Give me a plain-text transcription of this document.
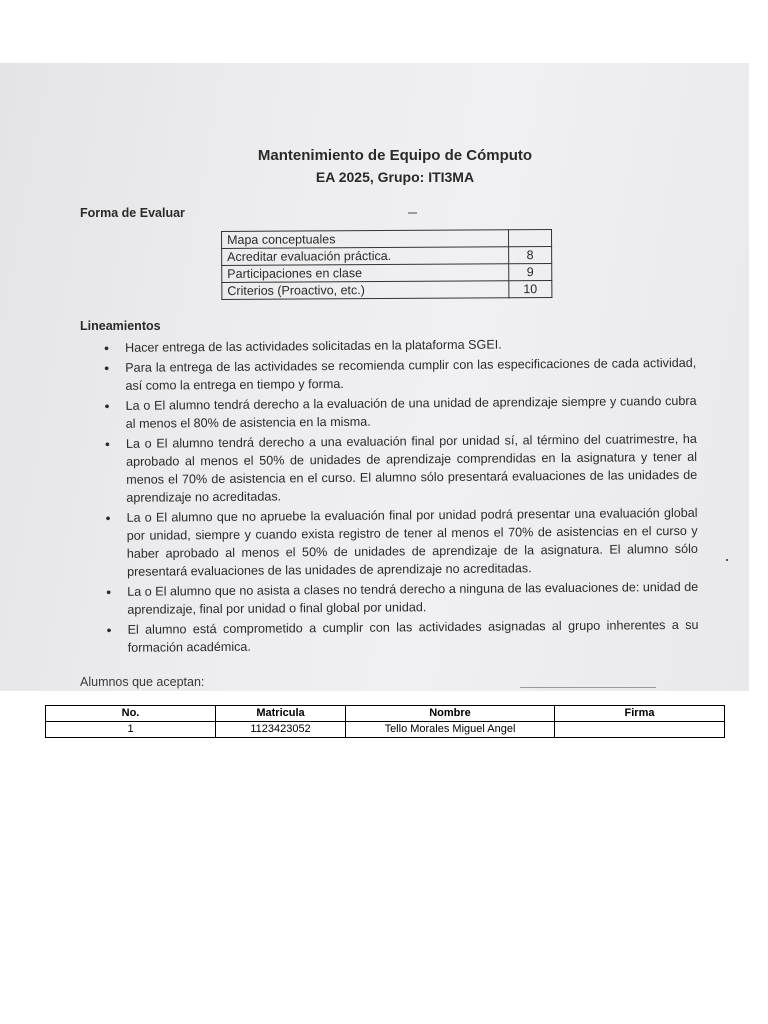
Mantenimiento de Equipo de Cómputo
EA 2025, Grupo: ITI3MA
Forma de Evaluar
Mapa conceptuales	
Acreditar evaluación práctica.	8
Participaciones en clase	9
Criterios (Proactivo, etc.)	10
Lineamientos
• Hacer entrega de las actividades solicitadas en la plataforma SGEI.
• Para la entrega de las actividades se recomienda cumplir con las especificaciones de cada actividad, así como la entrega en tiempo y forma.
• La o El alumno tendrá derecho a la evaluación de una unidad de aprendizaje siempre y cuando cubra al menos el 80% de asistencia en la misma.
• La o El alumno tendrá derecho a una evaluación final por unidad sí, al término del cuatrimestre, ha aprobado al menos el 50% de unidades de aprendizaje comprendidas en la asignatura y tener al menos el 70% de asistencia en el curso. El alumno sólo presentará evaluaciones de las unidades de aprendizaje no acreditadas.
• La o El alumno que no apruebe la evaluación final por unidad podrá presentar una evaluación global por unidad, siempre y cuando exista registro de tener al menos el 70% de asistencias en el curso y haber aprobado al menos el 50% de unidades de aprendizaje de la asignatura. El alumno sólo presentará evaluaciones de las unidades de aprendizaje no acreditadas.
• La o El alumno que no asista a clases no tendrá derecho a ninguna de las evaluaciones de: unidad de aprendizaje, final por unidad o final global por unidad.
• El alumno está comprometido a cumplir con las actividades asignadas al grupo inherentes a su formación académica.
Alumnos que aceptan:
No.	Matricula	Nombre	Firma
1	1123423052	Tello Morales Miguel Angel	
